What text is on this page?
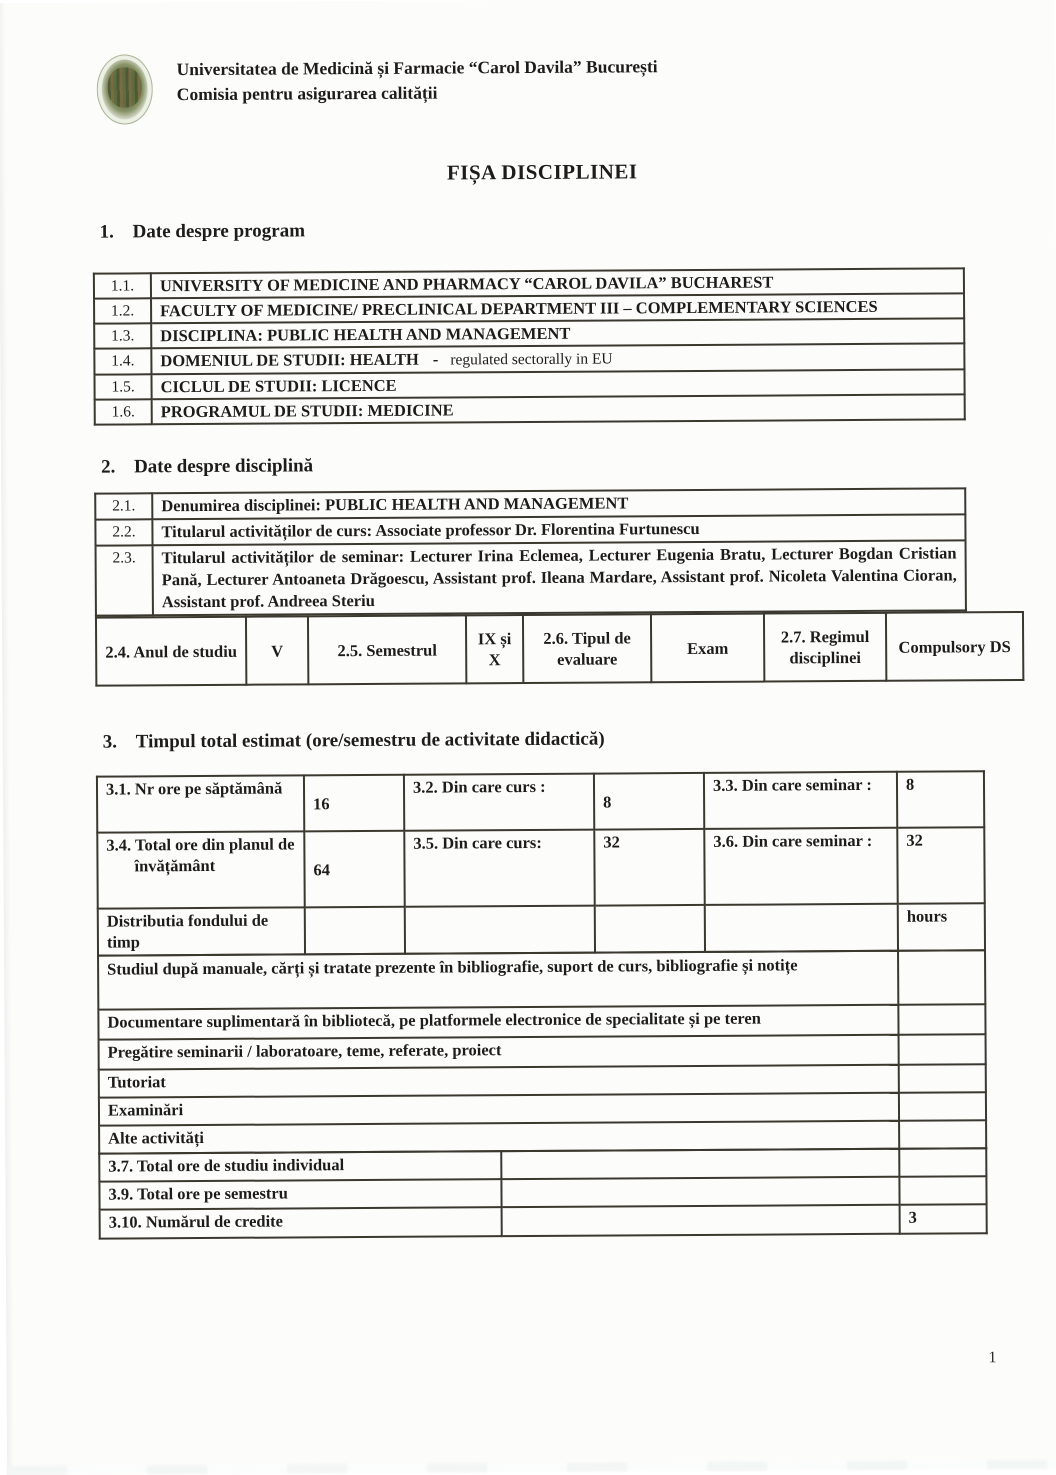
Universitatea de Medicină și Farmacie “Carol Davila” București
Comisia pentru asigurarea calității
FIȘA DISCIPLINEI
1. Date despre program
1.1.	UNIVERSITY OF MEDICINE AND PHARMACY “CAROL DAVILA” BUCHAREST
1.2.	FACULTY OF MEDICINE/ PRECLINICAL DEPARTMENT III – COMPLEMENTARY SCIENCES
1.3.	DISCIPLINA: PUBLIC HEALTH AND MANAGEMENT
1.4.	DOMENIUL DE STUDII: HEALTH - regulated sectorally in EU
1.5.	CICLUL DE STUDII: LICENCE
1.6.	PROGRAMUL DE STUDII: MEDICINE
2. Date despre disciplină
2.1.	Denumirea disciplinei: PUBLIC HEALTH AND MANAGEMENT
2.2.	Titularul activităților de curs: Associate professor Dr. Florentina Furtunescu
2.3.	Titularul activităților de seminar: Lecturer Irina Eclemea, Lecturer Eugenia Bratu, Lecturer Bogdan Cristian Pană, Lecturer Antoaneta Drăgoescu, Assistant prof. Ileana Mardare, Assistant prof. Nicoleta Valentina Cioran, Assistant prof. Andreea Steriu
2.4. Anul de studiu	V	2.5. Semestrul	IX și X	2.6. Tipul de evaluare	Exam	2.7. Regimul disciplinei	Compulsory DS
3. Timpul total estimat (ore/semestru de activitate didactică)
3.1. Nr ore pe săptămână	16	3.2. Din care curs :	8	3.3. Din care seminar :	8
3.4. Total ore din planul de învățământ	64	3.5. Din care curs:	32	3.6. Din care seminar :	32
Distributia fondului de timp					hours
Studiul după manuale, cărți și tratate prezente în bibliografie, suport de curs, bibliografie și notițe	
Documentare suplimentară în bibliotecă, pe platformele electronice de specialitate și pe teren	
Pregătire seminarii / laboratoare, teme, referate, proiect	
Tutoriat	
Examinări	
Alte activități	
3.7. Total ore de studiu individual		
3.9. Total ore pe semestru		
3.10. Numărul de credite		3
1
